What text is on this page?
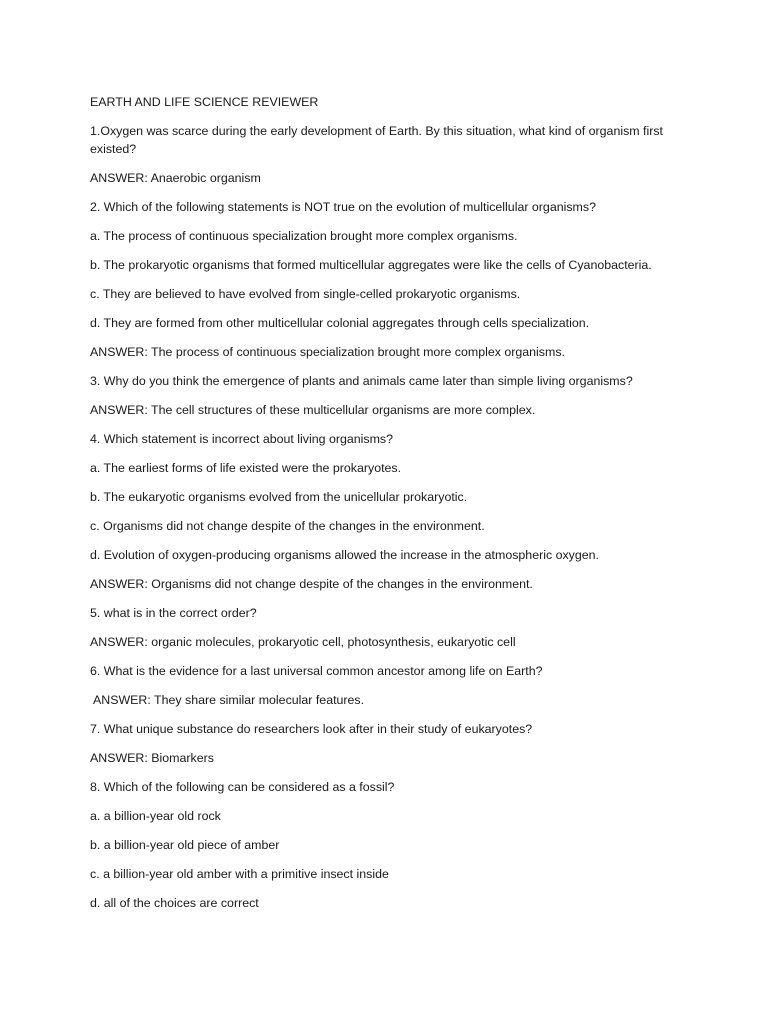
EARTH AND LIFE SCIENCE REVIEWER

1.Oxygen was scarce during the early development of Earth. By this situation, what kind of organism first existed?

ANSWER: Anaerobic organism

2. Which of the following statements is NOT true on the evolution of multicellular organisms?

a. The process of continuous specialization brought more complex organisms.

b. The prokaryotic organisms that formed multicellular aggregates were like the cells of Cyanobacteria.

c. They are believed to have evolved from single-celled prokaryotic organisms.

d. They are formed from other multicellular colonial aggregates through cells specialization.

ANSWER: The process of continuous specialization brought more complex organisms.

3. Why do you think the emergence of plants and animals came later than simple living organisms?

ANSWER: The cell structures of these multicellular organisms are more complex.

4. Which statement is incorrect about living organisms?

a. The earliest forms of life existed were the prokaryotes.

b. The eukaryotic organisms evolved from the unicellular prokaryotic.

c. Organisms did not change despite of the changes in the environment.

d. Evolution of oxygen-producing organisms allowed the increase in the atmospheric oxygen.

ANSWER: Organisms did not change despite of the changes in the environment.

5. what is in the correct order?

ANSWER: organic molecules, prokaryotic cell, photosynthesis, eukaryotic cell

6. What is the evidence for a last universal common ancestor among life on Earth?

ANSWER: They share similar molecular features.

7. What unique substance do researchers look after in their study of eukaryotes?

ANSWER: Biomarkers

8. Which of the following can be considered as a fossil?

a. a billion-year old rock

b. a billion-year old piece of amber

c. a billion-year old amber with a primitive insect inside

d. all of the choices are correct
